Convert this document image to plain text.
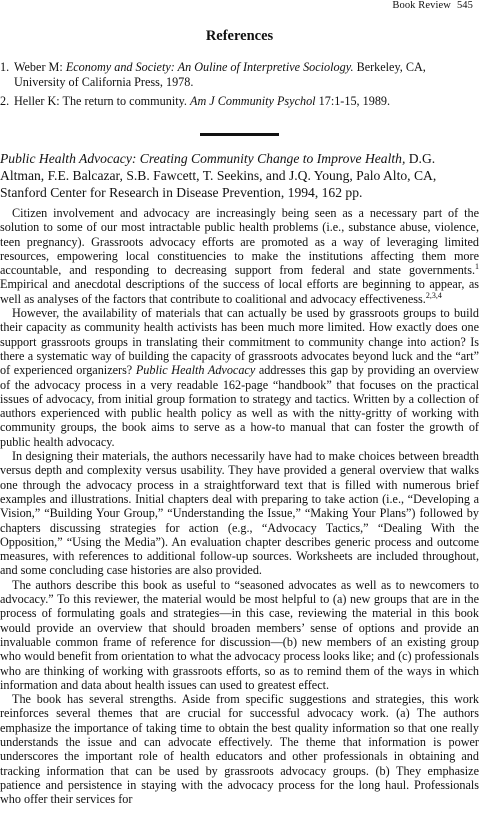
Book Review 545
References
1. Weber M: Economy and Society: An Ouline of Interpretive Sociology. Berkeley, CA, University of California Press, 1978.
2. Heller K: The return to community. Am J Community Psychol 17:1-15, 1989.

Public Health Advocacy: Creating Community Change to Improve Health, D.G. Altman, F.E. Balcazar, S.B. Fawcett, T. Seekins, and J.Q. Young, Palo Alto, CA, Stanford Center for Research in Disease Prevention, 1994, 162 pp.

Citizen involvement and advocacy are increasingly being seen as a necessary part of the solution to some of our most intractable public health problems (i.e., substance abuse, violence, teen pregnancy). Grassroots advocacy efforts are promoted as a way of leveraging limited resources, empowering local constituencies to make the institutions affecting them more accountable, and responding to decreasing support from federal and state governments.$^1$ Empirical and anecdotal descriptions of the success of local efforts are beginning to appear, as well as analyses of the factors that contribute to coalitional and advocacy effectiveness.$^{2,3,4}$

However, the availability of materials that can actually be used by grassroots groups to build their capacity as community health activists has been much more limited. How exactly does one support grassroots groups in translating their commitment to community change into action? Is there a systematic way of building the capacity of grassroots advocates beyond luck and the “art” of experienced organizers? Public Health Advocacy addresses this gap by providing an overview of the advocacy process in a very readable 162-page “handbook” that focuses on the practical issues of advocacy, from initial group formation to strategy and tactics. Written by a collection of authors experienced with public health policy as well as with the nitty-gritty of working with community groups, the book aims to serve as a how-to manual that can foster the growth of public health advocacy.

In designing their materials, the authors necessarily have had to make choices between breadth versus depth and complexity versus usability. They have provided a general overview that walks one through the advocacy process in a straightforward text that is filled with numerous brief examples and illustrations. Initial chapters deal with preparing to take action (i.e., “Developing a Vision,” “Building Your Group,” “Understanding the Issue,” “Making Your Plans”) followed by chapters discussing strategies for action (e.g., “Advocacy Tactics,” “Dealing With the Opposition,” “Using the Media”). An evaluation chapter describes generic process and outcome measures, with references to additional follow-up sources. Worksheets are included throughout, and some concluding case histories are also provided.

The authors describe this book as useful to “seasoned advocates as well as to newcomers to advocacy.” To this reviewer, the material would be most helpful to (a) new groups that are in the process of formulating goals and strategies—in this case, reviewing the material in this book would provide an overview that should broaden members’ sense of options and provide an invaluable common frame of reference for discussion—(b) new members of an existing group who would benefit from orientation to what the advocacy process looks like; and (c) professionals who are thinking of working with grassroots efforts, so as to remind them of the ways in which information and data about health issues can used to greatest effect.

The book has several strengths. Aside from specific suggestions and strategies, this work reinforces several themes that are crucial for successful advocacy work. (a) The authors emphasize the importance of taking time to obtain the best quality information so that one really understands the issue and can advocate effectively. The theme that information is power underscores the important role of health educators and other professionals in obtaining and tracking information that can be used by grassroots advocacy groups. (b) They emphasize patience and persistence in staying with the advocacy process for the long haul. Professionals who offer their services for
